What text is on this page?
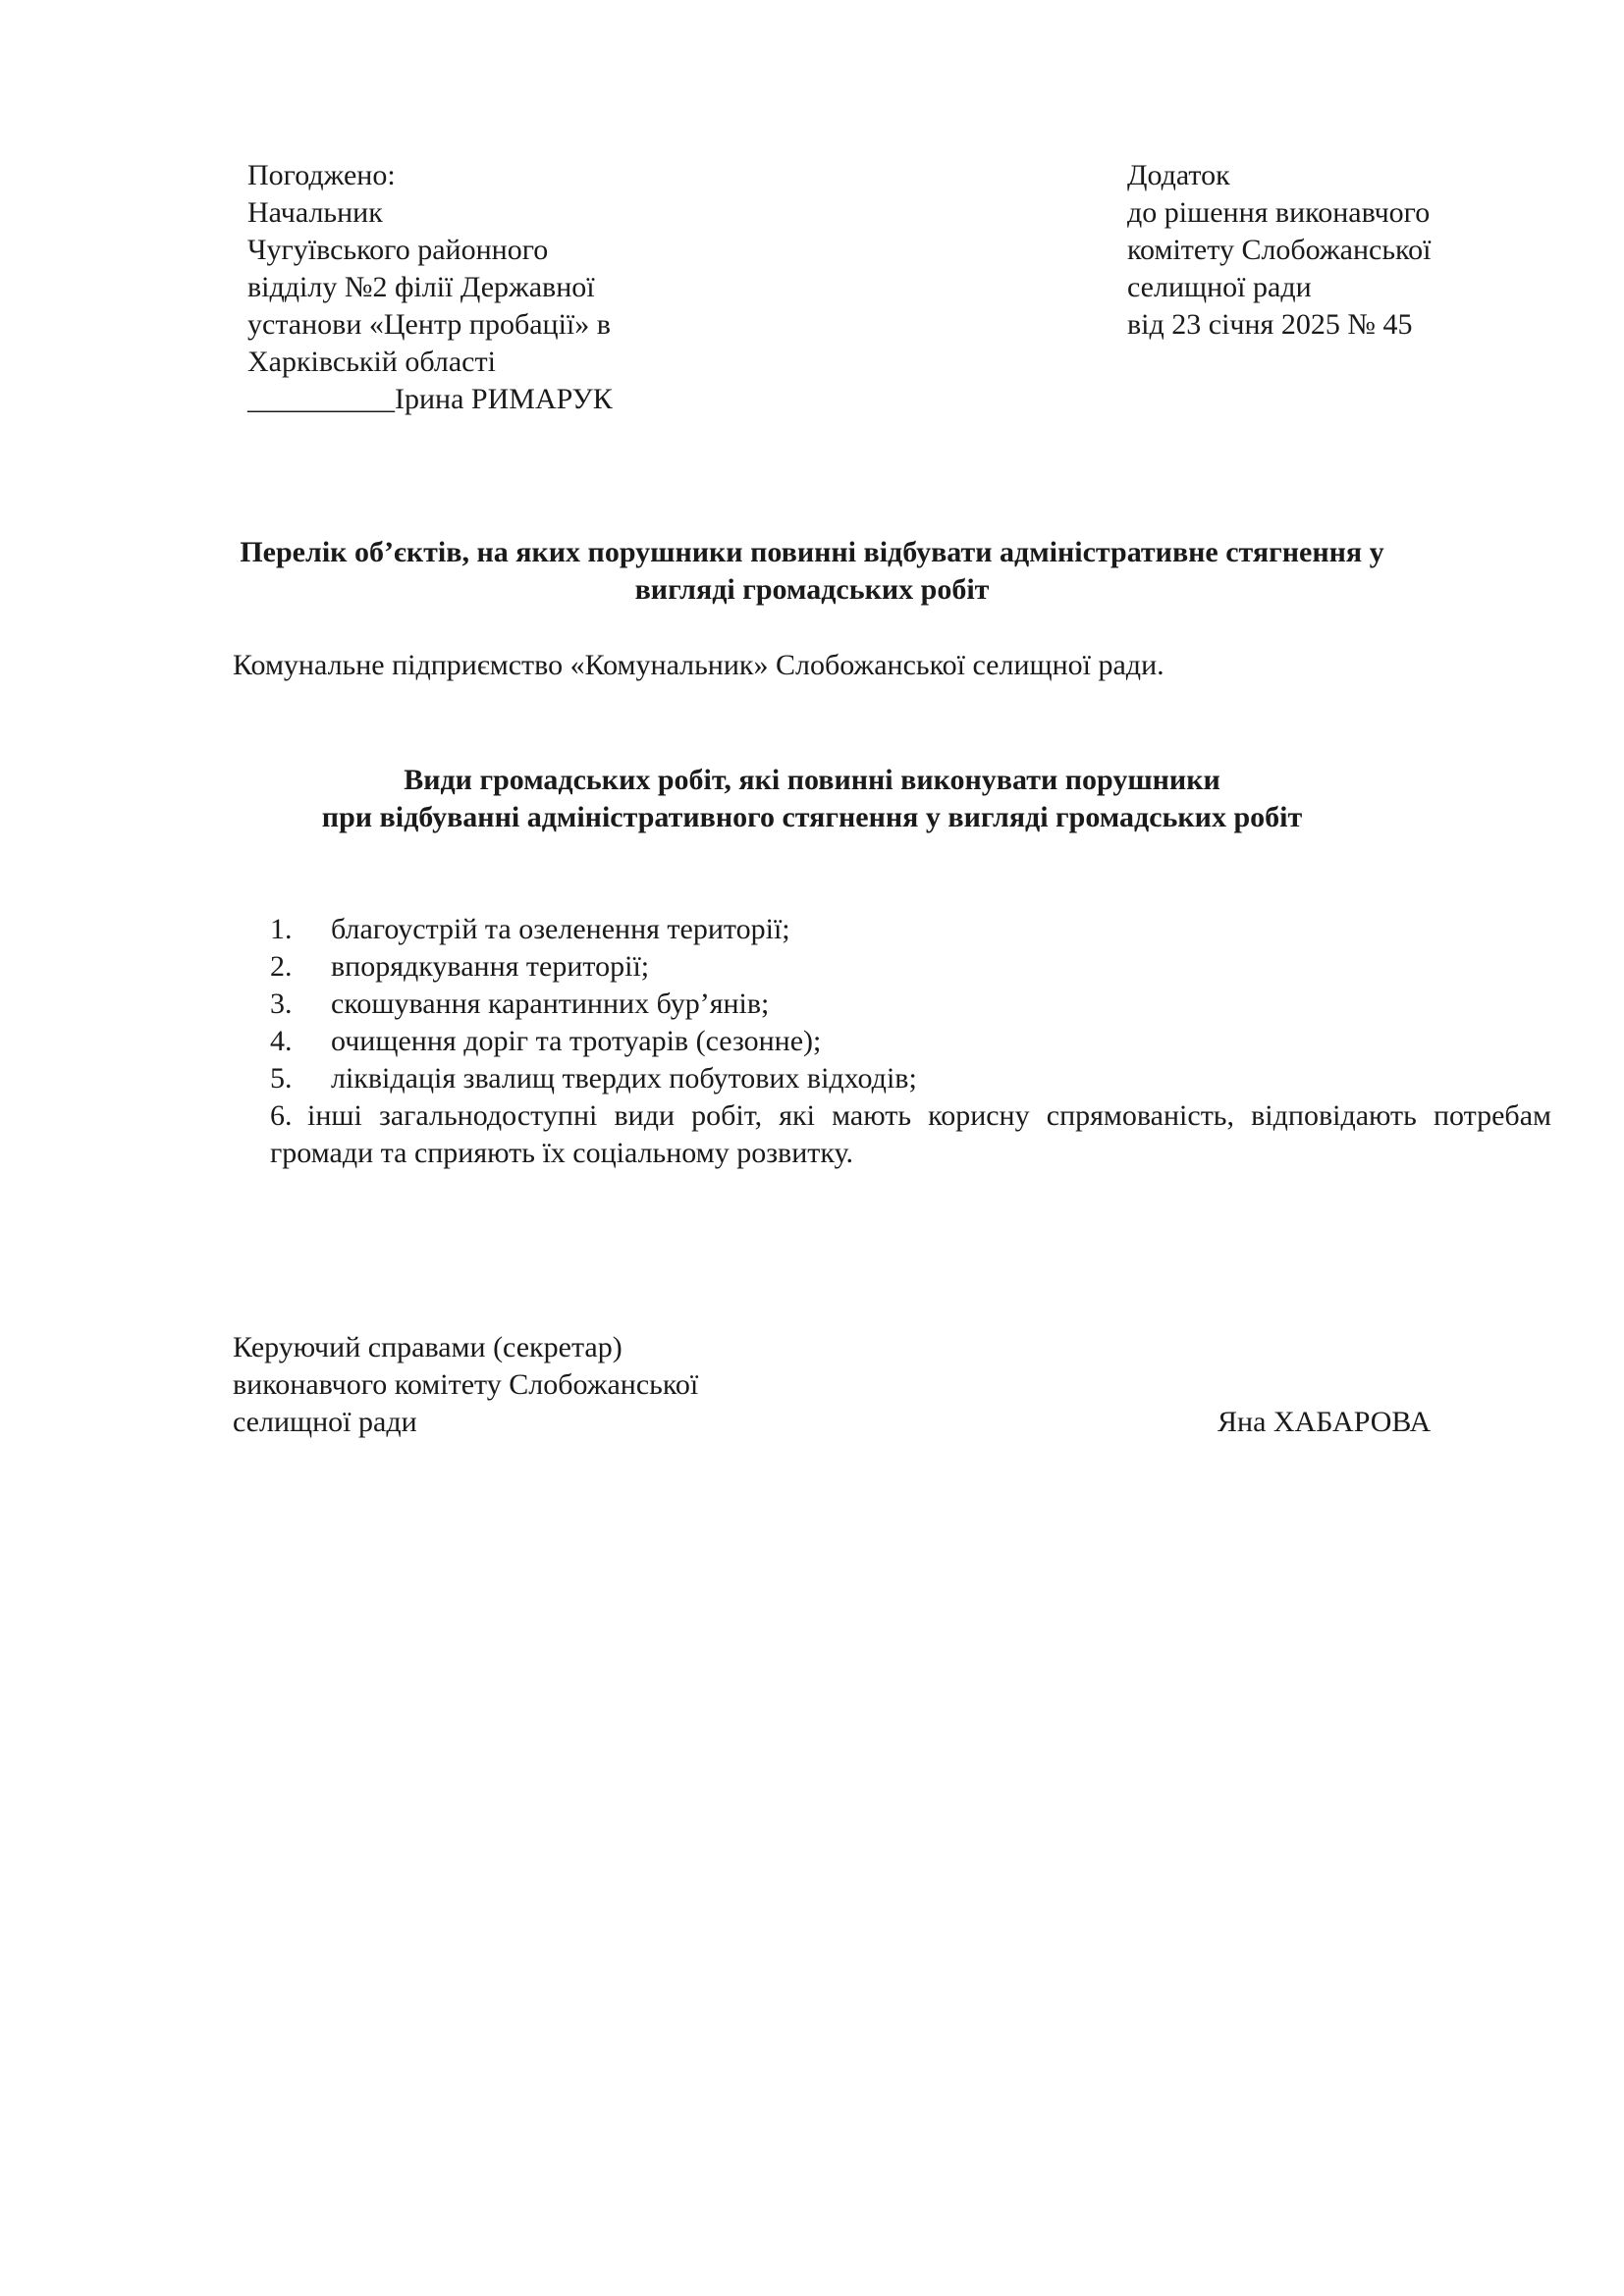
Погоджено:
Начальник
Чугуївського районного
відділу №2 філії Державної
установи «Центр пробації» в
Харківській області
__________Ірина РИМАРУК
Додаток
до рішення виконавчого
комітету Слобожанської
селищної ради
від 23 січня 2025 № 45
Перелік об’єктів, на яких порушники повинні відбувати адміністративне стягнення у
вигляді громадських робіт
Комунальне підприємство «Комунальник» Слобожанської селищної ради.
Види громадських робіт, які повинні виконувати порушники
при відбуванні адміністративного стягнення у вигляді громадських робіт
1.	благоустрій та озеленення території;
2.	впорядкування території;
3.	скошування карантинних бур’янів;
4.	очищення доріг та тротуарів (сезонне);
5.	ліквідація звалищ твердих побутових відходів;
6. інші загальнодоступні види робіт, які мають корисну спрямованість, відповідають потребам громади та сприяють їх соціальному розвитку.
Керуючий справами (секретар)
виконавчого комітету Слобожанської
селищної ради	Яна ХАБАРОВА
